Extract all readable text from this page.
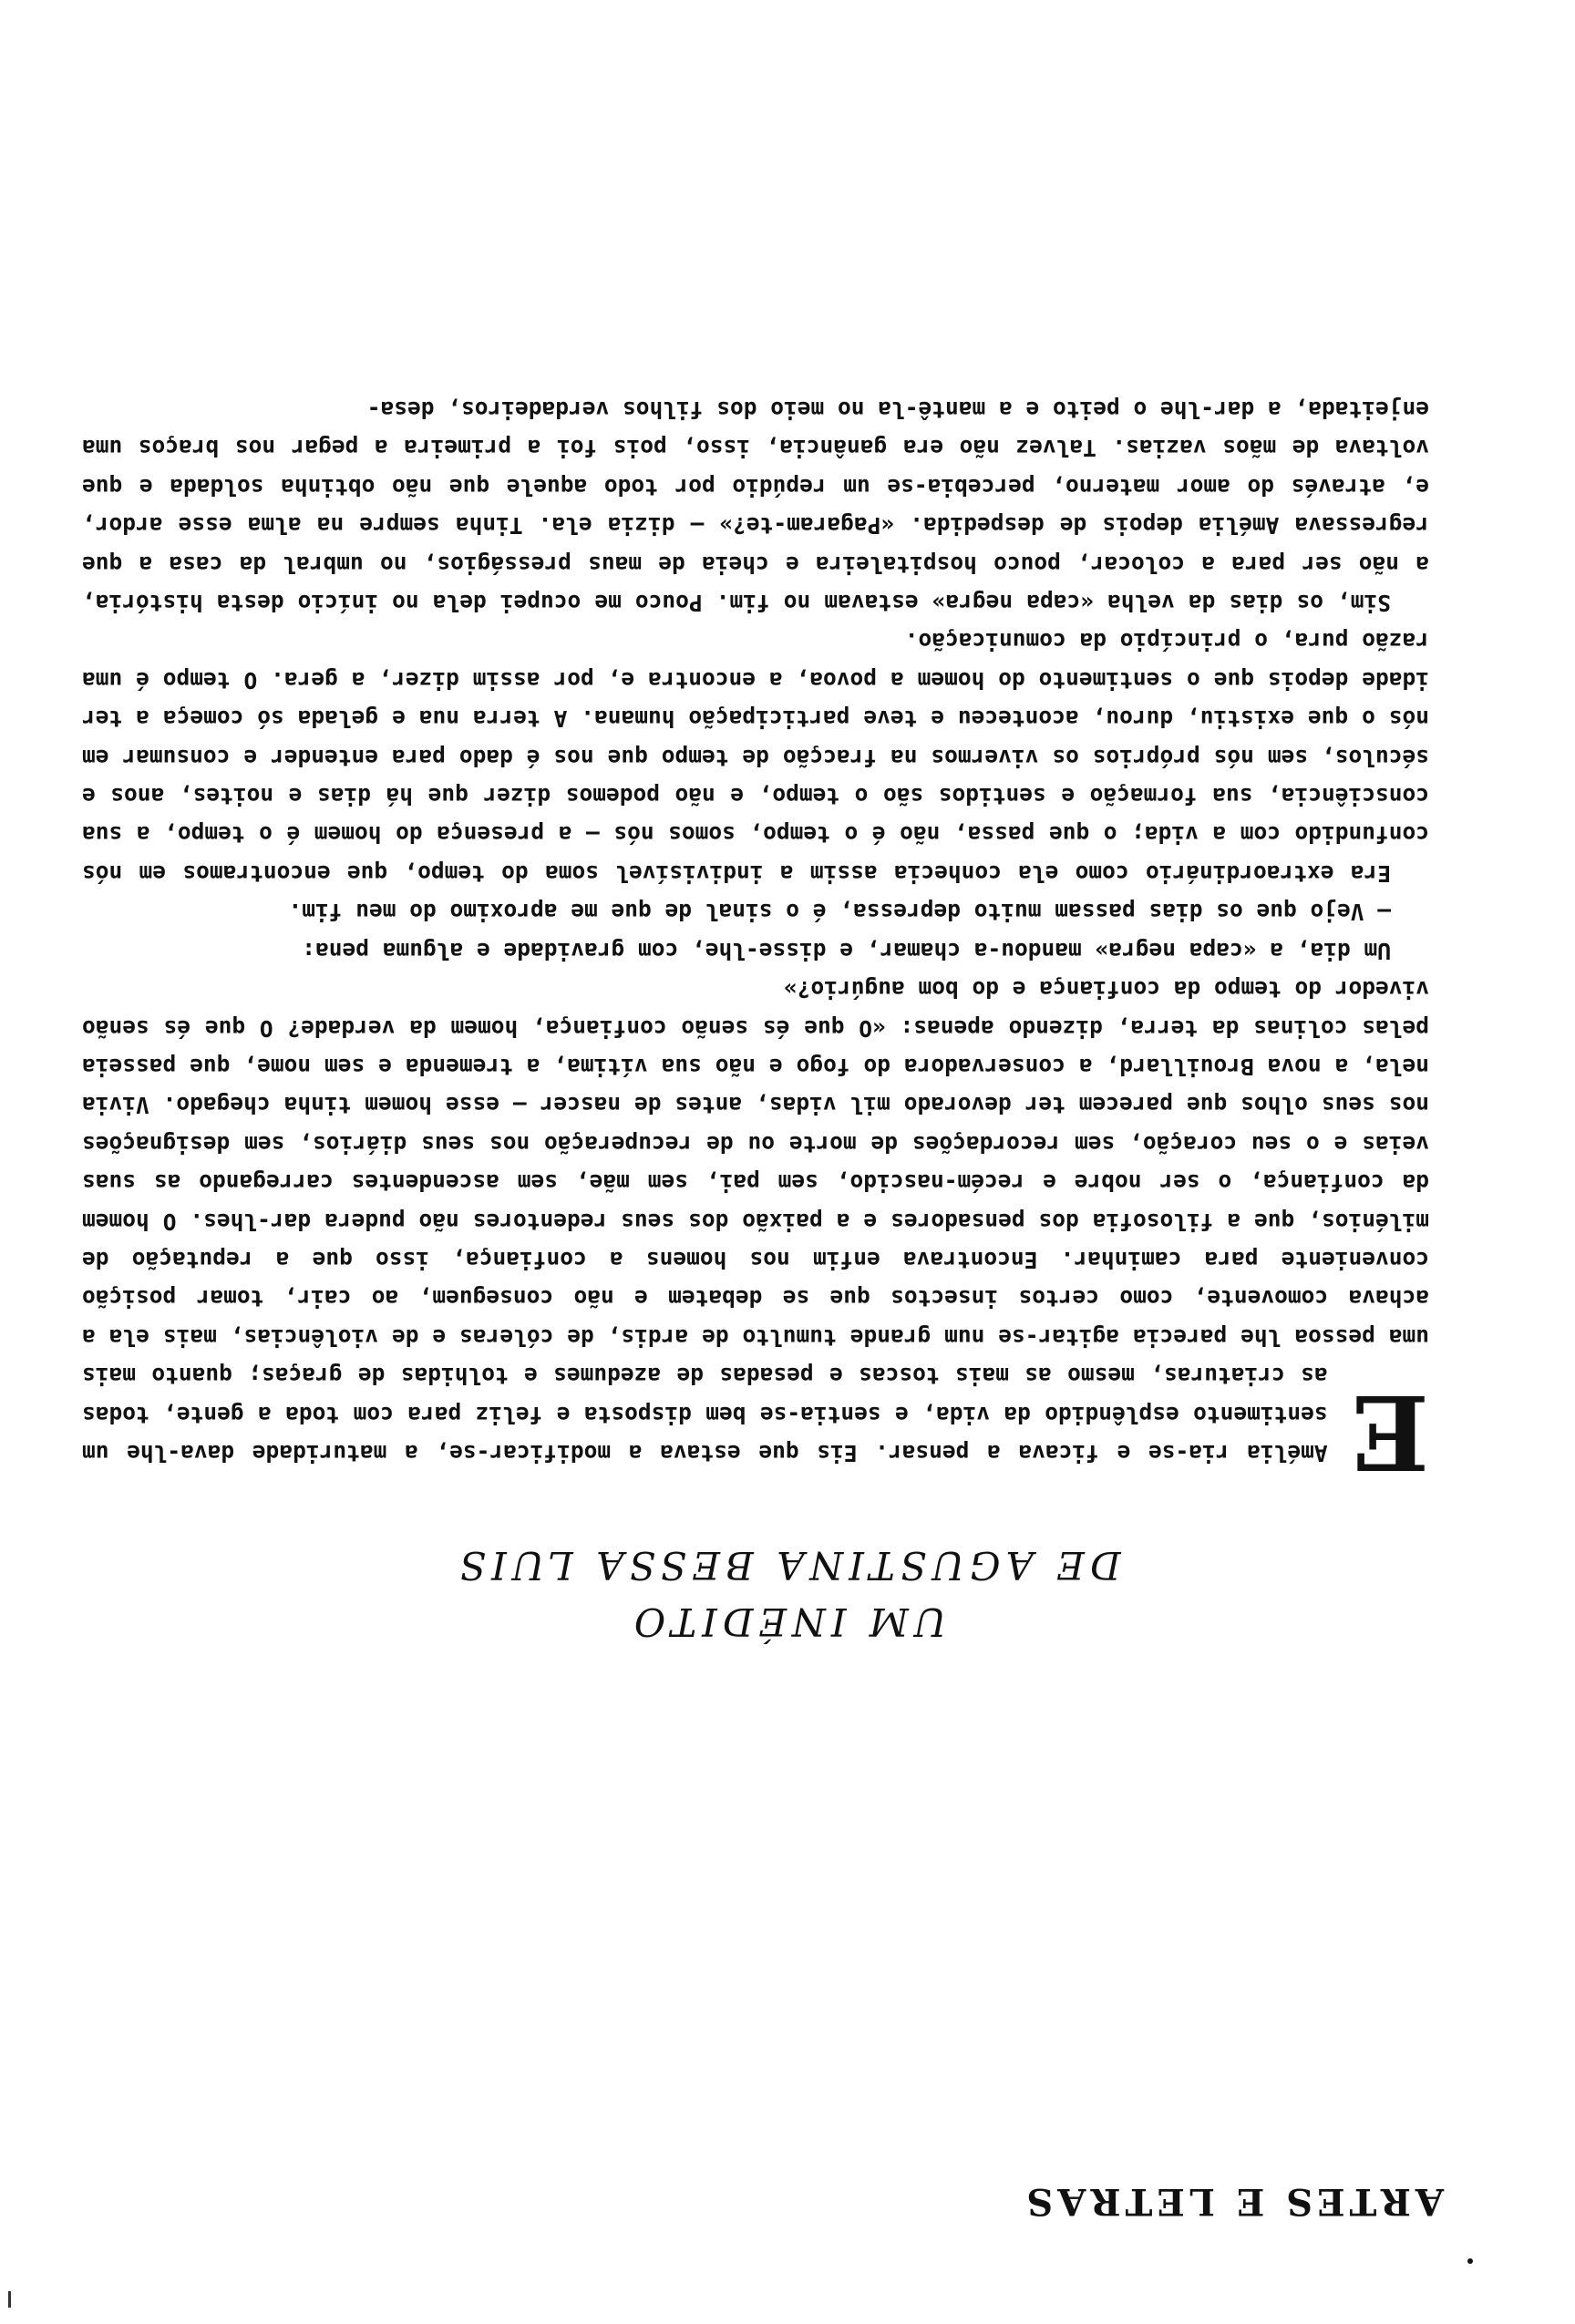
ARTES E LETRAS

UM INÉDITO

DE AGUSTINA BESSA LUIS

E
Amélia ria-se e ficava a pensar. Eis que estava a modificar-se, a maturidade dava-lhe um sentimento esplêndido da vida, e sentia-se bem disposta e feliz para com toda a gente, todas as criaturas, mesmo as mais toscas e pesadas de azedumes e tolhidas de graças; quanto mais uma pessoa lhe parecia agitar-se num grande tumulto de ardis, de cóleras e de violências, mais ela a achava comovente, como certos insectos que se debatem e não conseguem, ao cair, tomar posição conveniente para caminhar. Encontrava enfim nos homens a confiança, isso que a reputação de milénios, que a filosofia dos pensadores e a paixão dos seus redentores não pudera dar-lhes. O homem da confiança, o ser nobre e recém-nascido, sem pai, sem mãe, sem ascendentes carregando as suas veias e o seu coração, sem recordações de morte ou de recuperação nos seus diários, sem designações nos seus olhos que parecem ter devorado mil vidas, antes de nascer — esse homem tinha chegado. Vivia nela, a nova Brouillard, a conservadora do fogo e não sua vítima, a tremenda e sem nome, que passeia pelas colinas da terra, dizendo apenas: «O que és senão confiança, homem da verdade? O que és senão vivedor do tempo da confiança e do bom augúrio?»

Um dia, a «capa negra» mandou-a chamar, e disse-lhe, com gravidade e alguma pena:

— Vejo que os dias passam muito depressa, é o sinal de que me aproximo do meu fim.

Era extraordinário como ela conhecia assim a indivisível soma do tempo, que encontramos em nós confundido com a vida; o que passa, não é o tempo, somos nós — a presença do homem é o tempo, a sua consciência, sua formação e sentidos são o tempo, e não podemos dizer que há dias e noites, anos e séculos, sem nós próprios os vivermos na fracção de tempo que nos é dado para entender e consumar em nós o que existiu, durou, aconteceu e teve participação humana. A terra nua e gelada só começa a ter idade depois que o sentimento do homem a povoa, a encontra e, por assim dizer, a gera. O tempo é uma razão pura, o princípio da comunicação.

Sim, os dias da velha «capa negra» estavam no fim. Pouco me ocupei dela no início desta história, a não ser para a colocar, pouco hospitaleira e cheia de maus presságios, no umbral da casa a que regressava Amélia depois de despedida. «Pagaram-te?» — dizia ela. Tinha sempre na alma esse ardor, e, através do amor materno, percebia-se um repúdio por todo aquele que não obtinha soldada e que voltava de mãos vazias. Talvez não era ganância, isso, pois foi a primeira a pegar nos braços uma enjeitada, a dar-lhe o peito e a mantê-la no meio dos filhos verdadeiros, desa-
